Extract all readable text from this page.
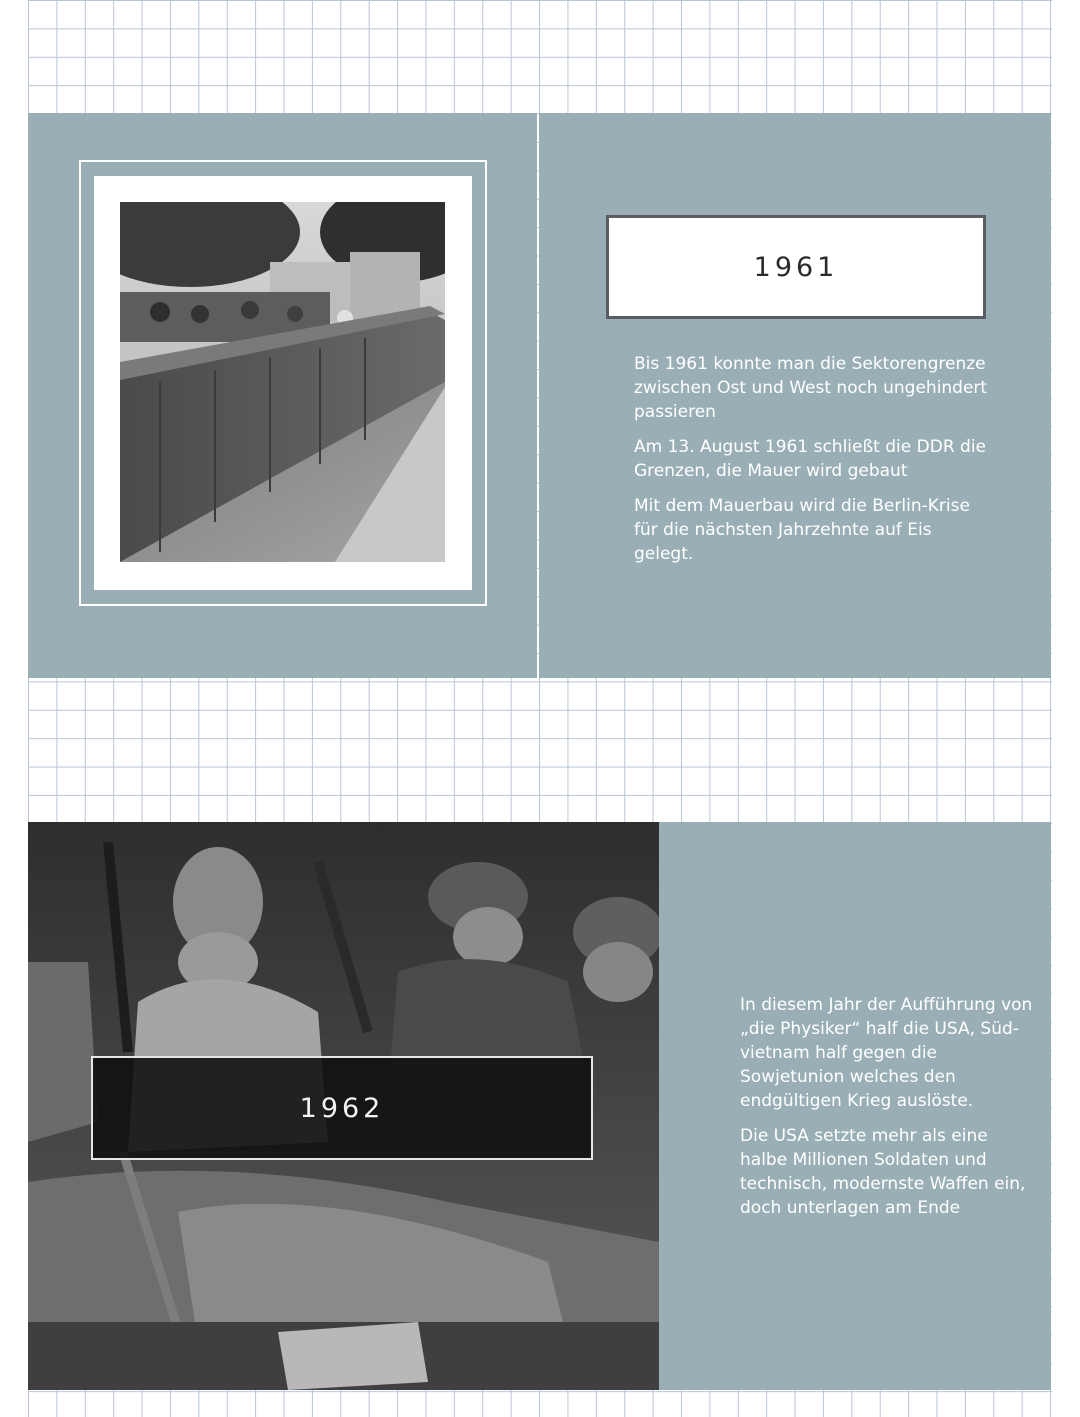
1961

Bis 1961 konnte man die Sektorengrenze zwischen Ost und West noch ungehindert passieren

Am 13. August 1961 schließt die DDR die Grenzen, die Mauer wird gebaut

Mit dem Mauerbau wird die Berlin-Krise für die nächsten Jahrzehnte auf Eis gelegt.

1962

In diesem Jahr der Aufführung von „die Physiker“ half die USA, Süd-vietnam half gegen die Sowjetunion welches den endgültigen Krieg auslöste.

Die USA setzte mehr als eine halbe Millionen Soldaten und technisch, modernste Waffen ein, doch unterlagen am Ende
